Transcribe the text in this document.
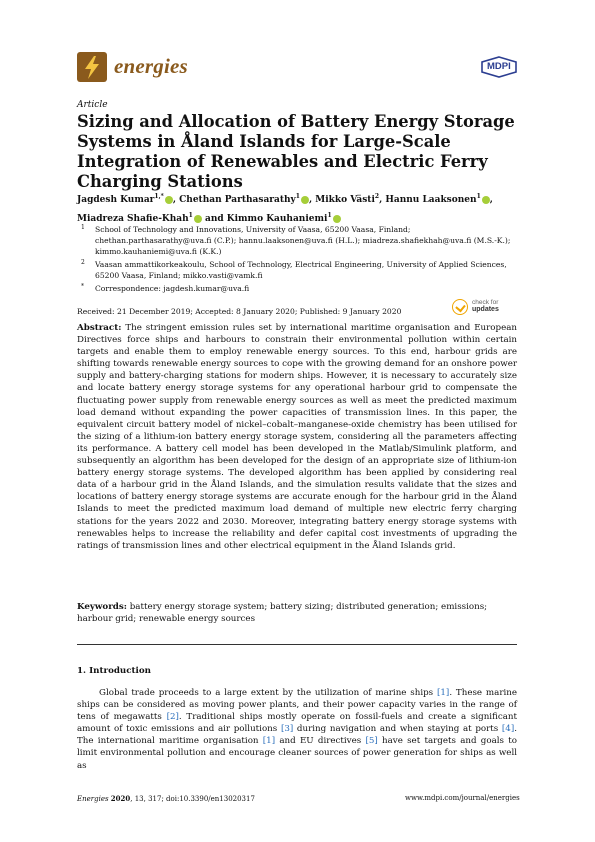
energies	MDPI
Article
Sizing and Allocation of Battery Energy Storage Systems in Åland Islands for Large-Scale Integration of Renewables and Electric Ferry Charging Stations
Jagdesh Kumar$^{1,*}$ , Chethan Parthasarathy$^1$ , Mikko Västi$^2$, Hannu Laaksonen$^1$ ,
Miadreza Shafie-Khah$^1$ and Kimmo Kauhaniemi$^1$
1 School of Technology and Innovations, University of Vaasa, 65200 Vaasa, Finland; chethan.parthasarathy@uva.fi (C.P.); hannu.laaksonen@uva.fi (H.L.); miadreza.shafiekhah@uva.fi (M.S.-K.); kimmo.kauhaniemi@uva.fi (K.K.)
2 Vaasan ammattikorkeakoulu, School of Technology, Electrical Engineering, University of Applied Sciences, 65200 Vaasa, Finland; mikko.vasti@vamk.fi
* Correspondence: jagdesh.kumar@uva.fi
Received: 21 December 2019; Accepted: 8 January 2020; Published: 9 January 2020
check for
updates
Abstract: The stringent emission rules set by international maritime organisation and European Directives force ships and harbours to constrain their environmental pollution within certain targets and enable them to employ renewable energy sources. To this end, harbour grids are shifting towards renewable energy sources to cope with the growing demand for an onshore power supply and battery-charging stations for modern ships. However, it is necessary to accurately size and locate battery energy storage systems for any operational harbour grid to compensate the fluctuating power supply from renewable energy sources as well as meet the predicted maximum load demand without expanding the power capacities of transmission lines. In this paper, the equivalent circuit battery model of nickel–cobalt–manganese-oxide chemistry has been utilised for the sizing of a lithium-ion battery energy storage system, considering all the parameters affecting its performance. A battery cell model has been developed in the Matlab/Simulink platform, and subsequently an algorithm has been developed for the design of an appropriate size of lithium-ion battery energy storage systems. The developed algorithm has been applied by considering real data of a harbour grid in the Åland Islands, and the simulation results validate that the sizes and locations of battery energy storage systems are accurate enough for the harbour grid in the Åland Islands to meet the predicted maximum load demand of multiple new electric ferry charging stations for the years 2022 and 2030. Moreover, integrating battery energy storage systems with renewables helps to increase the reliability and defer capital cost investments of upgrading the ratings of transmission lines and other electrical equipment in the Åland Islands grid.
Keywords: battery energy storage system; battery sizing; distributed generation; emissions; harbour grid; renewable energy sources
1. Introduction
Global trade proceeds to a large extent by the utilization of marine ships [1]. These marine ships can be considered as moving power plants, and their power capacity varies in the range of tens of megawatts [2]. Traditional ships mostly operate on fossil-fuels and create a significant amount of toxic emissions and air pollutions [3] during navigation and when staying at ports [4]. The international maritime organisation [1] and EU directives [5] have set targets and goals to limit environmental pollution and encourage cleaner sources of power generation for ships as well as
Energies 2020, 13, 317; doi:10.3390/en13020317	www.mdpi.com/journal/energies
